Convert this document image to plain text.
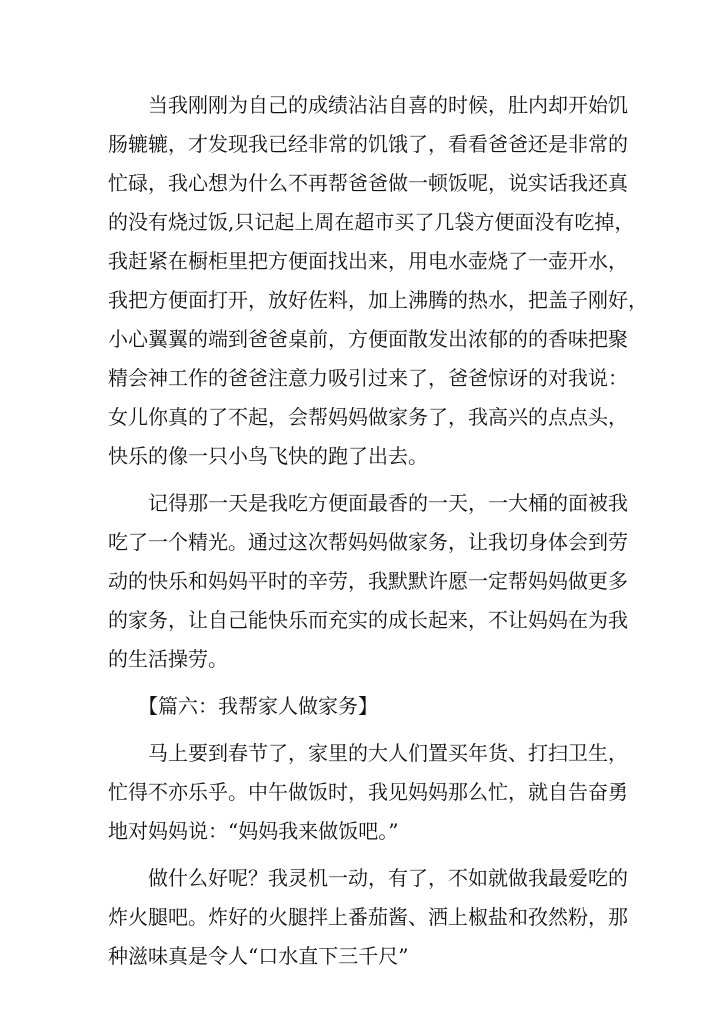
当我刚刚为自己的成绩沾沾自喜的时候，肚内却开始饥
肠辘辘，才发现我已经非常的饥饿了，看看爸爸还是非常的
忙碌，我心想为什么不再帮爸爸做一顿饭呢，说实话我还真
的没有烧过饭,只记起上周在超市买了几袋方便面没有吃掉，
我赶紧在橱柜里把方便面找出来，用电水壶烧了一壶开水，
我把方便面打开，放好佐料，加上沸腾的热水，把盖子刚好，
小心翼翼的端到爸爸桌前，方便面散发出浓郁的的香味把聚
精会神工作的爸爸注意力吸引过来了，爸爸惊讶的对我说：
女儿你真的了不起，会帮妈妈做家务了，我高兴的点点头，
快乐的像一只小鸟飞快的跑了出去。
记得那一天是我吃方便面最香的一天，一大桶的面被我
吃了一个精光。通过这次帮妈妈做家务，让我切身体会到劳
动的快乐和妈妈平时的辛劳，我默默许愿一定帮妈妈做更多
的家务，让自己能快乐而充实的成长起来，不让妈妈在为我
的生活操劳。
【篇六：我帮家人做家务】
马上要到春节了，家里的大人们置买年货、打扫卫生，
忙得不亦乐乎。中午做饭时，我见妈妈那么忙，就自告奋勇
地对妈妈说：“妈妈我来做饭吧。”
做什么好呢？我灵机一动，有了，不如就做我最爱吃的
炸火腿吧。炸好的火腿拌上番茄酱、洒上椒盐和孜然粉，那
种滋味真是令人“口水直下三千尺”
